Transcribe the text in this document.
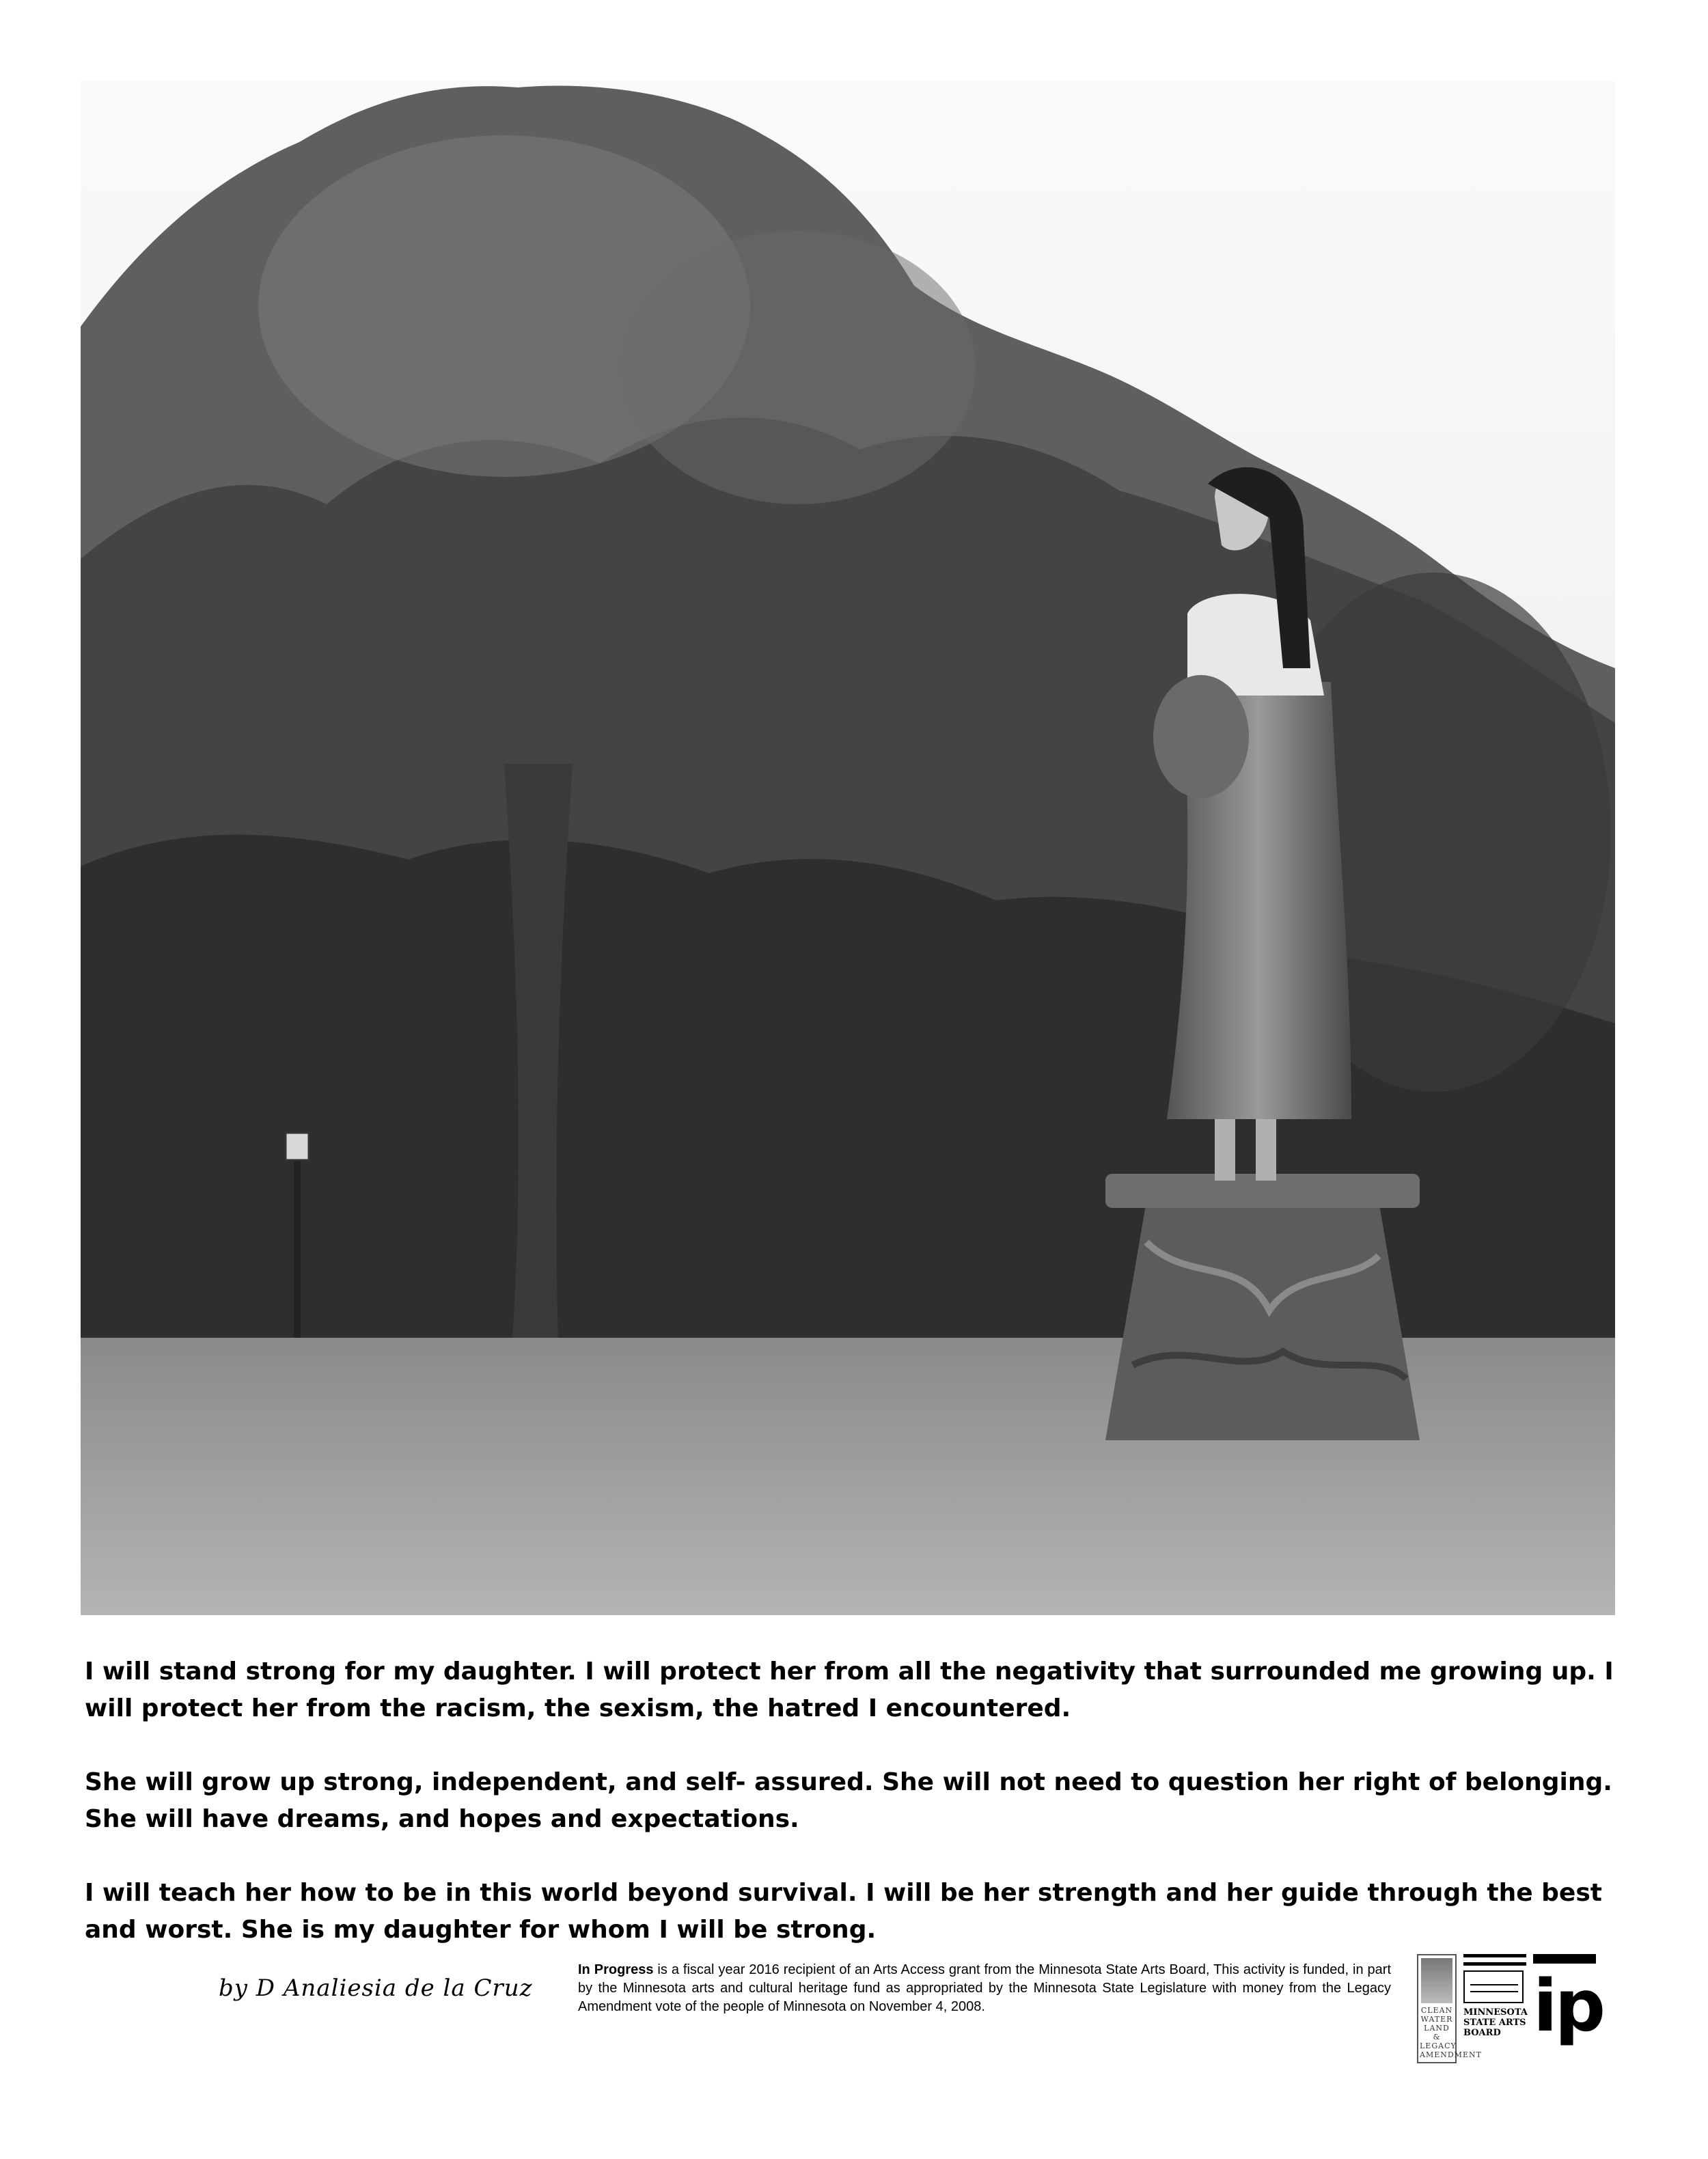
I will stand strong for my daughter. I will protect her from all the negativity that surrounded me growing up. I will protect her from the racism, the sexism, the hatred I encountered.

She will grow up strong, independent, and self- assured. She will not need to question her right of belonging. She will have dreams, and hopes and expectations.

I will teach her how to be in this world beyond survival. I will be her strength and her guide through the best and worst. She is my daughter for whom I will be strong.

by D Analiesia de la Cruz
In Progress is a fiscal year 2016 recipient of an Arts Access grant from the Minnesota State Arts Board, This activity is funded, in part by the Minnesota arts and cultural heritage fund as appropriated by the Minnesota State Legislature with money from the Legacy Amendment vote of the people of Minnesota on November 4, 2008.	CLEAN WATER LAND & LEGACY AMENDMENT
MINNESOTA STATE ARTS BOARD ip
